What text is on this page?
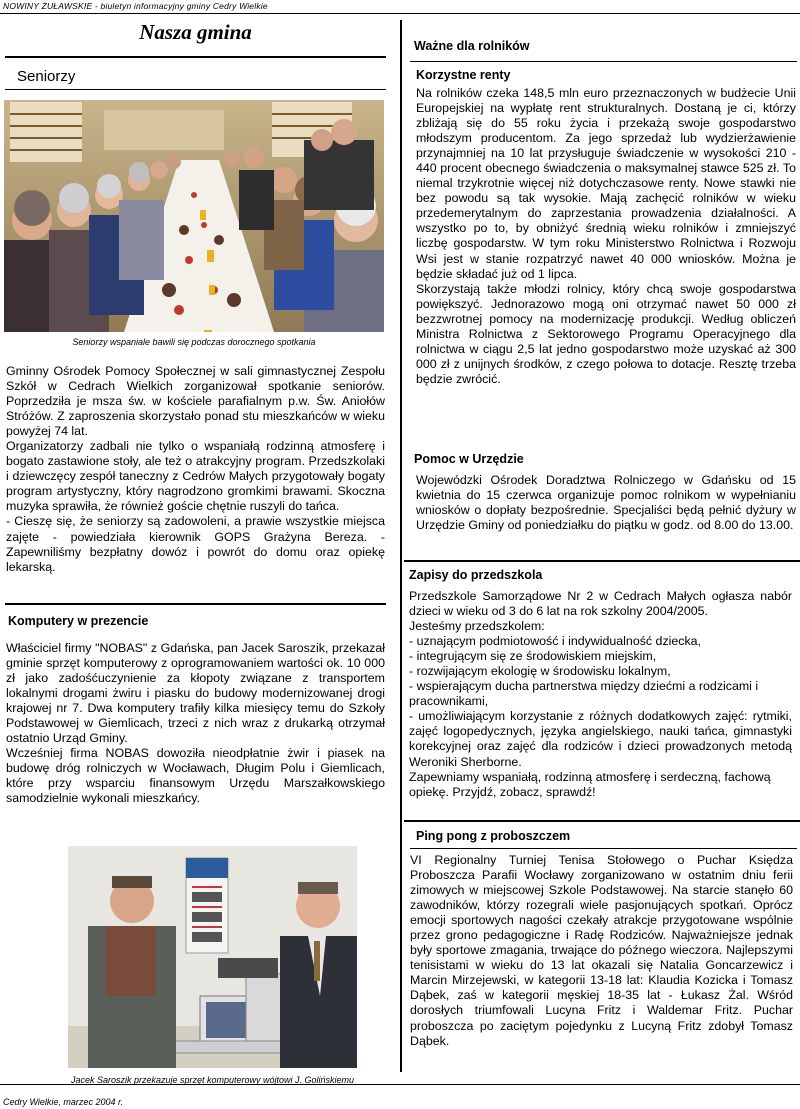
NOWINY ŻUŁAWSKIE - biuletyn informacyjny gminy Cedry Wielkie
Cedry Wielkie, marzec 2004 r.
Nasza gmina
Seniorzy
Seniorzy wspaniale bawili się podczas dorocznego spotkania

Gminny Ośrodek Pomocy Społecznej w sali gimnastycznej Zespołu Szkół w Cedrach Wielkich zorganizował spotkanie seniorów. Poprzedziła je msza św. w kościele parafialnym p.w. Św. Aniołów Stróżów. Z zaproszenia skorzystało ponad stu mieszkańców w wieku powyżej 74 lat.

Organizatorzy zadbali nie tylko o wspaniałą rodzinną atmosferę i bogato zastawione stoły, ale też o atrakcyjny program. Przedszkolaki i dziewczęcy zespół taneczny z Cedrów Małych przygotowały bogaty program artystyczny, który nagrodzono gromkimi brawami. Skoczna muzyka sprawiła, że również goście chętnie ruszyli do tańca.

- Cieszę się, że seniorzy są zadowoleni, a prawie wszystkie miejsca zajęte - powiedziała kierownik GOPS Grażyna Bereza. - Zapewniliśmy bezpłatny dowóz i powrót do domu oraz opiekę lekarską.

Komputery w prezencie

Właściciel firmy "NOBAS" z Gdańska, pan Jacek Saroszik, przekazał gminie sprzęt komputerowy z oprogramowaniem wartości ok. 10 000 zł jako zadośćuczynienie za kłopoty związane z transportem lokalnymi drogami żwiru i piasku do budowy modernizowanej drogi krajowej nr 7. Dwa komputery trafiły kilka miesięcy temu do Szkoły Podstawowej w Giemlicach, trzeci z nich wraz z drukarką otrzymał ostatnio Urząd Gminy.

Wcześniej firma NOBAS dowoziła nieodpłatnie żwir i piasek na budowę dróg rolniczych w Wocławach, Długim Polu i Giemlicach, które przy wsparciu finansowym Urzędu Marszałkowskiego samodzielnie wykonali mieszkańcy.

Jacek Saroszik przekazuje sprzęt komputerowy wójtowi J. Golińskiemu
Ważne dla rolników
Korzystne renty

Na rolników czeka 148,5 mln euro przeznaczonych w budżecie Unii Europejskiej na wypłatę rent strukturalnych. Dostaną je ci, którzy zbliżają się do 55 roku życia i przekażą swoje gospodarstwo młodszym producentom. Za jego sprzedaż lub wydzierżawienie przynajmniej na 10 lat przysługuje świadczenie w wysokości 210 - 440 procent obecnego świadczenia o maksymalnej stawce 525 zł. To niemal trzykrotnie więcej niż dotychczasowe renty. Nowe stawki nie bez powodu są tak wysokie. Mają zachęcić rolników w wieku przedemerytalnym do zaprzestania prowadzenia działalności. A wszystko po to, by obniżyć średnią wieku rolników i zmniejszyć liczbę gospodarstw. W tym roku Ministerstwo Rolnictwa i Rozwoju Wsi jest w stanie rozpatrzyć nawet 40 000 wniosków. Można je będzie składać już od 1 lipca.

Skorzystają także młodzi rolnicy, który chcą swoje gospodarstwa powiększyć. Jednorazowo mogą oni otrzymać nawet 50 000 zł bezzwrotnej pomocy na modernizację produkcji. Według obliczeń Ministra Rolnictwa z Sektorowego Programu Operacyjnego dla rolnictwa w ciągu 2,5 lat jedno gospodarstwo może uzyskać aż 300 000 zł z unijnych środków, z czego połowa to dotacje. Resztę trzeba będzie zwrócić.

Pomoc w Urzędzie

Wojewódzki Ośrodek Doradztwa Rolniczego w Gdańsku od 15 kwietnia do 15 czerwca organizuje pomoc rolnikom w wypełnianiu wniosków o dopłaty bezpośrednie. Specjaliści będą pełnić dyżury w Urzędzie Gminy od poniedziałku do piątku w godz. od 8.00 do 13.00.

Zapisy do przedszkola

Przedszkole Samorządowe Nr 2 w Cedrach Małych ogłasza nabór dzieci w wieku od 3 do 6 lat na rok szkolny 2004/2005.

Jesteśmy przedszkolem:

- uznającym podmiotowość i indywidualność dziecka,

- integrującym się ze środowiskiem miejskim,

- rozwijającym ekologię w środowisku lokalnym,

- wspierającym ducha partnerstwa między dziećmi a rodzicami i pracownikami,

- umożliwiającym korzystanie z różnych dodatkowych zajęć: rytmiki, zajęć logopedycznych, języka angielskiego, nauki tańca, gimnastyki korekcyjnej oraz zajęć dla rodziców i dzieci prowadzonych metodą Weroniki Sherborne.

Zapewniamy wspaniałą, rodzinną atmosferę i serdeczną, fachową opiekę. Przyjdź, zobacz, sprawdź!

Ping pong z proboszczem

VI Regionalny Turniej Tenisa Stołowego o Puchar Księdza Proboszcza Parafii Wocławy zorganizowano w ostatnim dniu ferii zimowych w miejscowej Szkole Podstawowej. Na starcie stanęło 60 zawodników, którzy rozegrali wiele pasjonujących spotkań. Oprócz emocji sportowych nagości czekały atrakcje przygotowane wspólnie przez grono pedagogiczne i Radę Rodziców. Najważniejsze jednak były sportowe zmagania, trwające do późnego wieczora. Najlepszymi tenisistami w wieku do 13 lat okazali się Natalia Goncarzewicz i Marcin Mirzejewski, w kategorii 13-18 lat: Klaudia Kozicka i Tomasz Dąbek, zaś w kategorii męskiej 18-35 lat - Łukasz Żal. Wśród dorosłych triumfowali Lucyna Fritz i Waldemar Fritz. Puchar proboszcza po zaciętym pojedynku z Lucyną Fritz zdobył Tomasz Dąbek.
